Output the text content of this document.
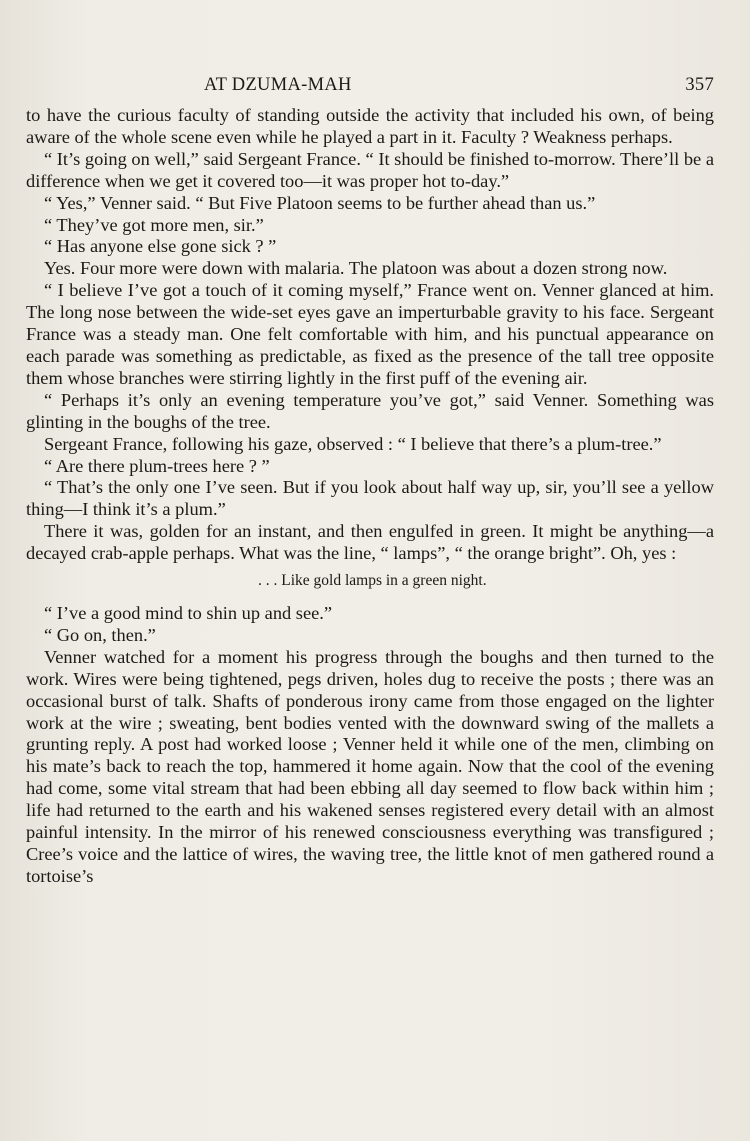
AT DZUMA-MAH	357

to have the curious faculty of standing outside the activity that included his own, of being aware of the whole scene even while he played a part in it. Faculty ? Weakness perhaps.

“ It’s going on well,” said Sergeant France. “ It should be finished to-morrow. There’ll be a difference when we get it covered too—it was proper hot to-day.”

“ Yes,” Venner said. “ But Five Platoon seems to be further ahead than us.”

“ They’ve got more men, sir.”

“ Has anyone else gone sick ? ”

Yes. Four more were down with malaria. The platoon was about a dozen strong now.

“ I believe I’ve got a touch of it coming myself,” France went on. Venner glanced at him. The long nose between the wide-set eyes gave an imperturbable gravity to his face. Sergeant France was a steady man. One felt comfortable with him, and his punctual appearance on each parade was something as predictable, as fixed as the presence of the tall tree opposite them whose branches were stirring lightly in the first puff of the evening air.

“ Perhaps it’s only an evening temperature you’ve got,” said Venner. Something was glinting in the boughs of the tree.

Sergeant France, following his gaze, observed : “ I believe that there’s a plum-tree.”

“ Are there plum-trees here ? ”

“ That’s the only one I’ve seen. But if you look about half way up, sir, you’ll see a yellow thing—I think it’s a plum.”

There it was, golden for an instant, and then engulfed in green. It might be anything—a decayed crab-apple perhaps. What was the line, “ lamps”, “ the orange bright”. Oh, yes :

. . . Like gold lamps in a green night.

“ I’ve a good mind to shin up and see.”

“ Go on, then.”

Venner watched for a moment his progress through the boughs and then turned to the work. Wires were being tightened, pegs driven, holes dug to receive the posts ; there was an occasional burst of talk. Shafts of ponderous irony came from those engaged on the lighter work at the wire ; sweating, bent bodies vented with the downward swing of the mallets a grunting reply. A post had worked loose ; Venner held it while one of the men, climbing on his mate’s back to reach the top, hammered it home again. Now that the cool of the evening had come, some vital stream that had been ebbing all day seemed to flow back within him ; life had returned to the earth and his wakened senses registered every detail with an almost painful intensity. In the mirror of his renewed consciousness everything was transfigured ; Cree’s voice and the lattice of wires, the waving tree, the little knot of men gathered round a tortoise’s
